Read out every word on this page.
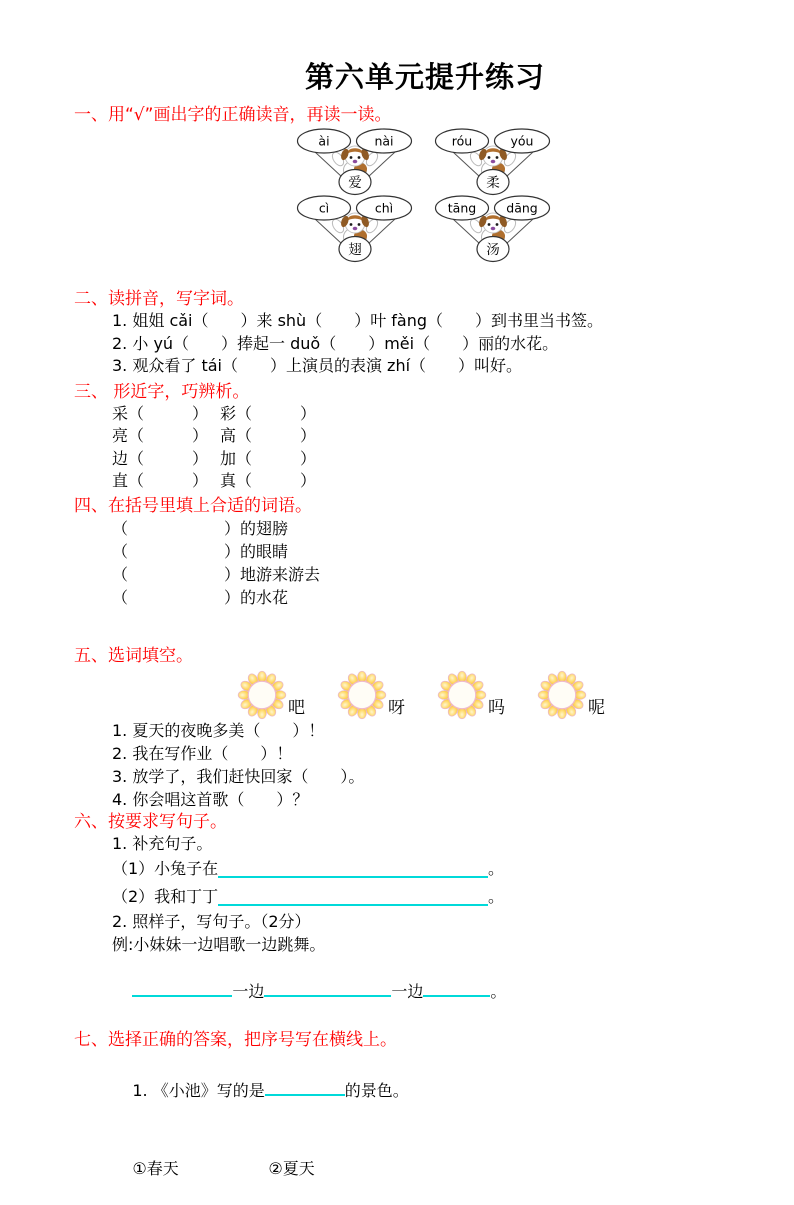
第六单元提升练习
一、用“√”画出字的正确读音，再读一读。
ài	nài
爱
róu	yóu
柔
cì	chì
翅
tāng dāng
汤
二、读拼音，写字词。
1. 姐姐 cǎi（　　）来 shù（　　）叶 fàng（　　）到书里当书签。
2. 小 yú（　　）捧起一 duǒ（　　）měi（　　）丽的水花。
3. 观众看了 tái（　　）上演员的表演 zhí（　　）叫好。
三、 形近字，巧辨析。
采（　　　） 彩（　　　）
亮（　　　） 高（　　　）
边（　　　） 加（　　　）
直（　　　） 真（　　　）
四、在括号里填上合适的词语。
（　　　　　　）的翅膀
（　　　　　　）的眼睛
（　　　　　　）地游来游去
（　　　　　　）的水花
五、选词填空。
吧	呀	吗	呢
1. 夏天的夜晚多美（　　）！
2. 我在写作业（　　）！
3. 放学了，我们赶快回家（　　）。
4. 你会唱这首歌（　　）？
六、按要求写句子。
1. 补充句子。
（1）小兔子在	。
（2）我和丁丁	。
2. 照样子，写句子。（2分）
例:小妹妹一边唱歌一边跳舞。

一边	一边	。

七、选择正确的答案，把序号写在横线上。

1. 《小池》写的是	的景色。

①春天	②夏天
